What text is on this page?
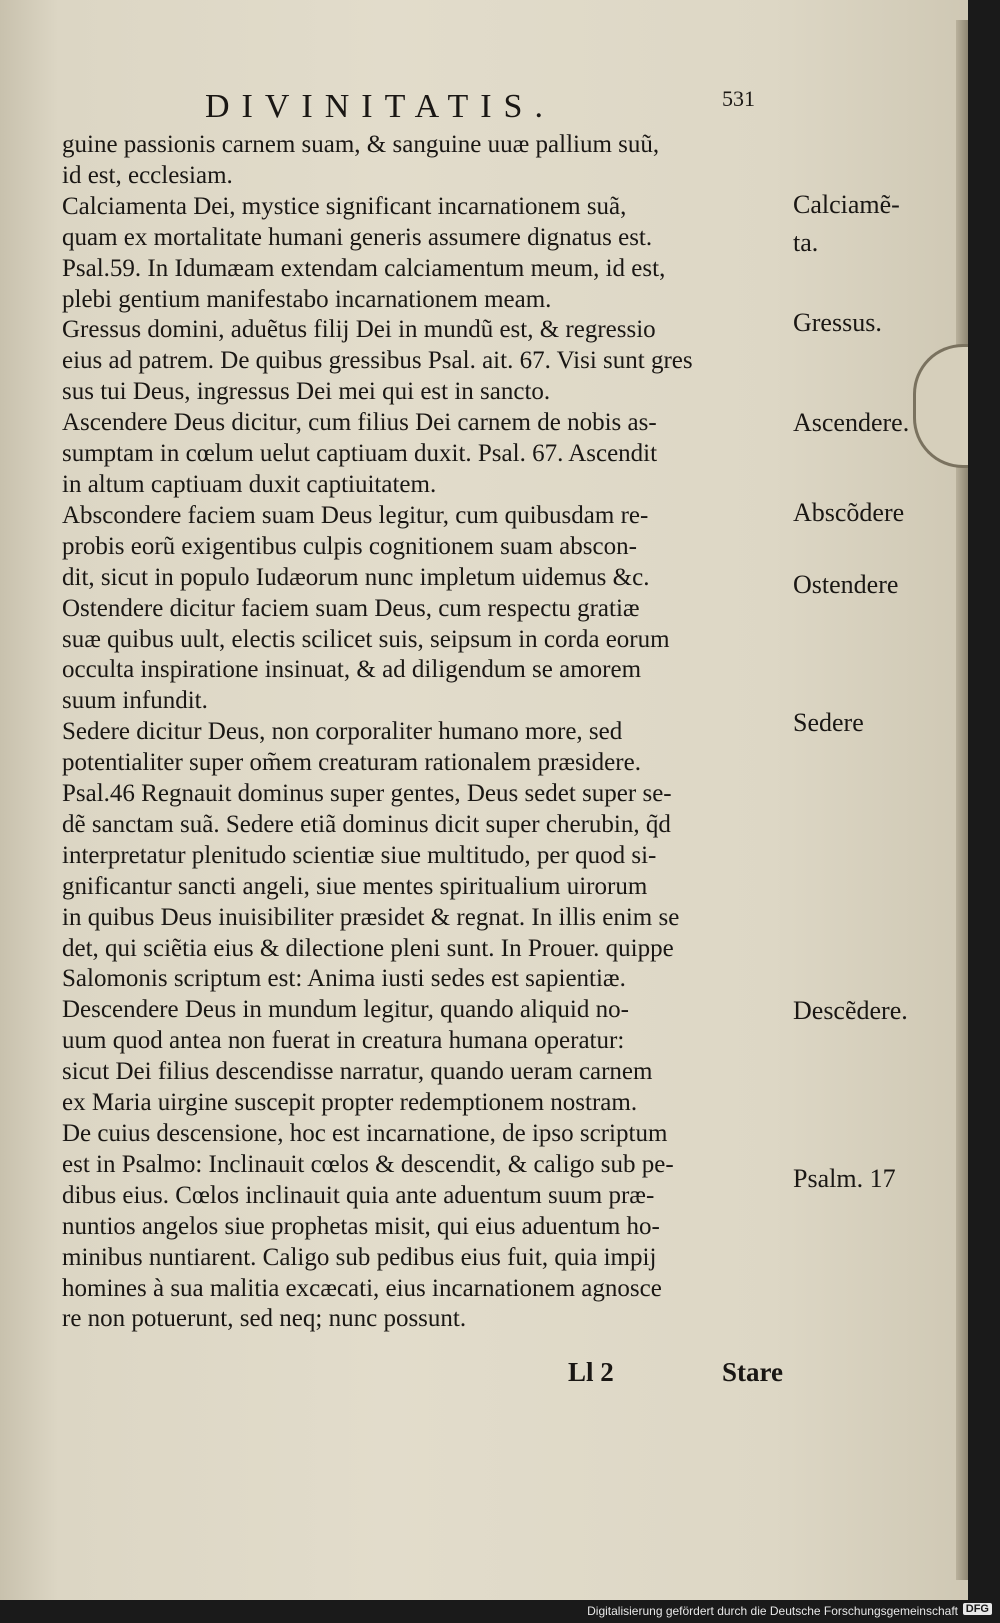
DIVINITATIS.	531
guine passionis carnem suam, & sanguine uuæ pallium suũ,
id est, ecclesiam.
Calciamenta Dei, mystice significant incarnationem suã,
quam ex mortalitate humani generis assumere dignatus est.
Psal.59. In Idumæam extendam calciamentum meum, id est,
plebi gentium manifestabo incarnationem meam.
Gressus domini, aduẽtus filij Dei in mundũ est, & regressio
eius ad patrem. De quibus gressibus Psal. ait. 67. Visi sunt gres
sus tui Deus, ingressus Dei mei qui est in sancto.
Ascendere Deus dicitur, cum filius Dei carnem de nobis as-
sumptam in cœlum uelut captiuam duxit. Psal. 67. Ascendit
in altum captiuam duxit captiuitatem.
Abscondere faciem suam Deus legitur, cum quibusdam re-
probis eorũ exigentibus culpis cognitionem suam abscon-
dit, sicut in populo Iudæorum nunc impletum uidemus &c.
Ostendere dicitur faciem suam Deus, cum respectu gratiæ
suæ quibus uult, electis scilicet suis, seipsum in corda eorum
occulta inspiratione insinuat, & ad diligendum se amorem
suum infundit.
Sedere dicitur Deus, non corporaliter humano more, sed
potentialiter super om̃em creaturam rationalem præsidere.
Psal.46 Regnauit dominus super gentes, Deus sedet super se-
dẽ sanctam suã. Sedere etiã dominus dicit super cherubin, q̃d
interpretatur plenitudo scientiæ siue multitudo, per quod si-
gnificantur sancti angeli, siue mentes spiritualium uirorum
in quibus Deus inuisibiliter præsidet & regnat. In illis enim se
det, qui sciẽtia eius & dilectione pleni sunt. In Prouer. quippe
Salomonis scriptum est: Anima iusti sedes est sapientiæ.
Descendere Deus in mundum legitur, quando aliquid no-
uum quod antea non fuerat in creatura humana operatur:
sicut Dei filius descendisse narratur, quando ueram carnem
ex Maria uirgine suscepit propter redemptionem nostram.
De cuius descensione, hoc est incarnatione, de ipso scriptum
est in Psalmo: Inclinauit cœlos & descendit, & caligo sub pe-
dibus eius. Cœlos inclinauit quia ante aduentum suum præ-
nuntios angelos siue prophetas misit, qui eius aduentum ho-
minibus nuntiarent. Caligo sub pedibus eius fuit, quia impij
homines à sua malitia excæcati, eius incarnationem agnosce
re non potuerunt, sed neq; nunc possunt.
Calciamẽ-
ta.
Gressus.
Ascendere.
Abscõdere
Ostendere
Sedere
Descẽdere.
Psalm. 17
Ll 2	Stare
Digitalisierung gefördert durch die Deutsche Forschungsgemeinschaft DFG
